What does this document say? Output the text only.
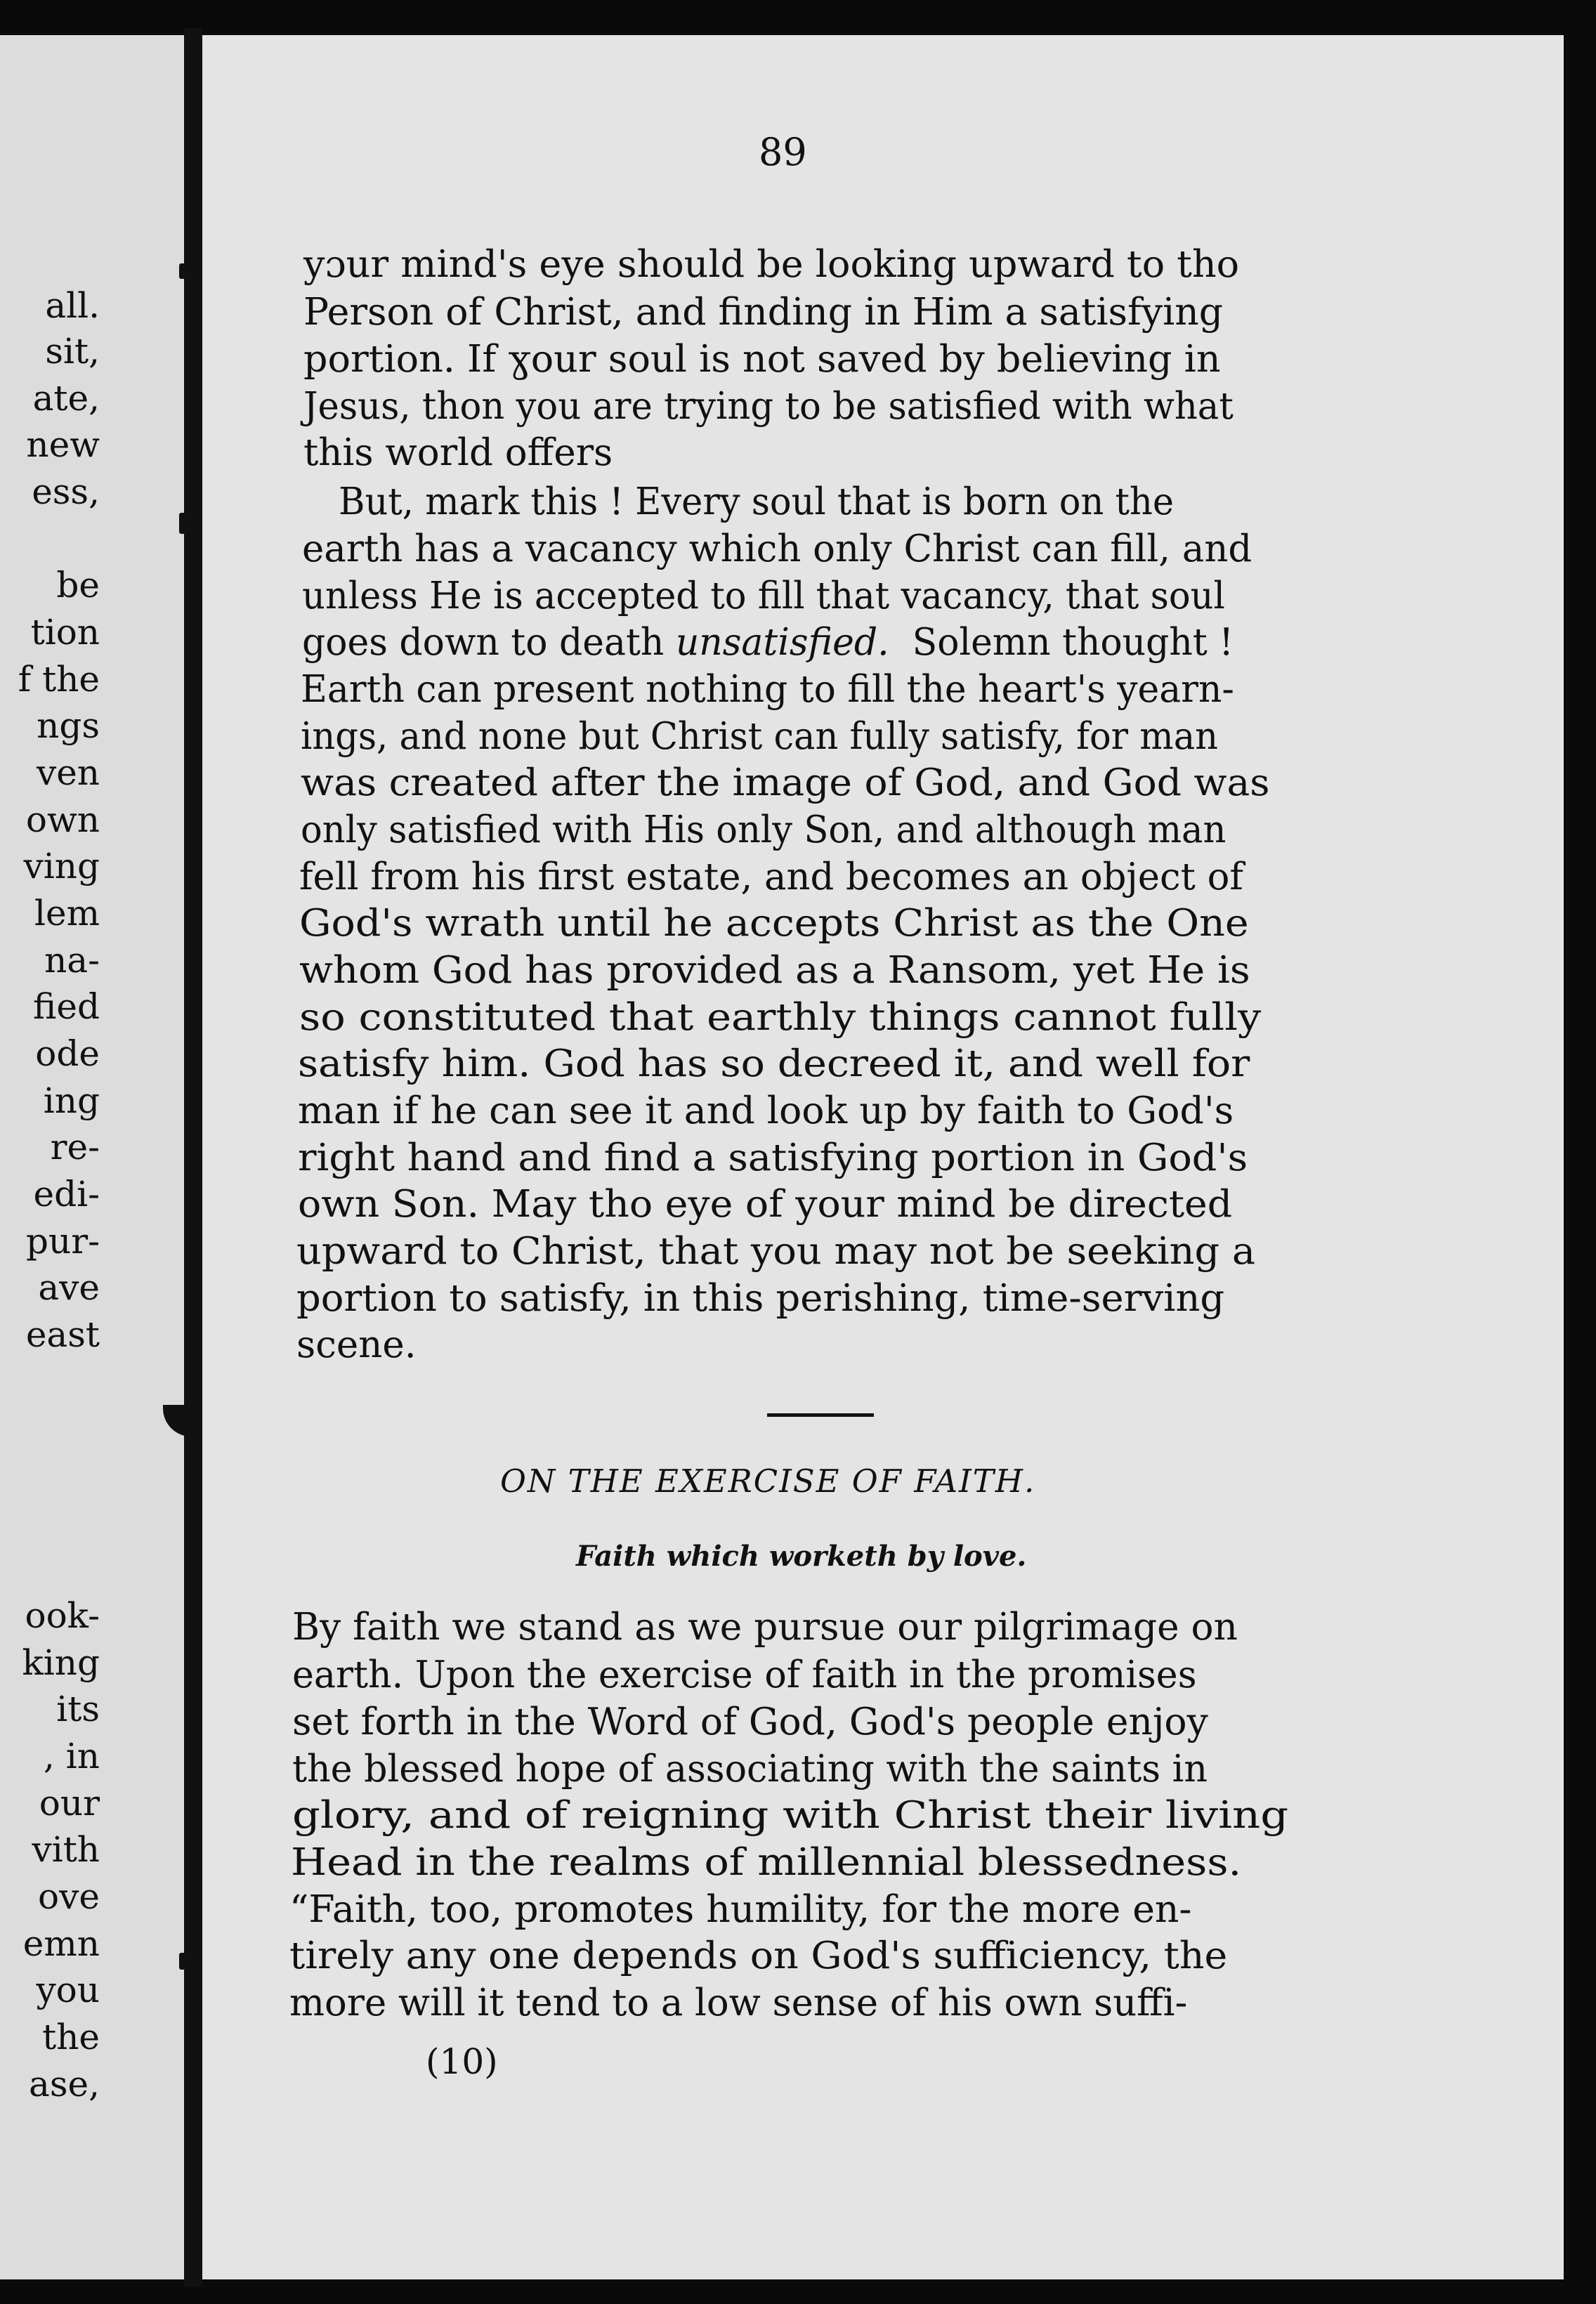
all.
sit,
ate,
new
ess,
be
tion
f the
ngs
ven
own
ving
lem
na-
fied
ode
ing
re-
edi-
pur-
ave
east
ook-
king
its
, in
our
vith
ove
emn
you
the
ase,

89
yɔur mind's eye should be looking upward to tho
Person of Christ, and finding in Him a satisfying
portion. If ɣour soul is not saved by believing in
Jesus, thon you are trying to be satisfied with what
this world offers
But, mark this ! Every soul that is born on the
earth has a vacancy which only Christ can fill, and
unless He is accepted to fill that vacancy, that soul
goes down to death unsatisfied. Solemn thought !
Earth can present nothing to fill the heart's yearn-
ings, and none but Christ can fully satisfy, for man
was created after the image of God, and God was
only satisfied with His only Son, and although man
fell from his first estate, and becomes an object of
God's wrath until he accepts Christ as the One
whom God has provided as a Ransom, yet He is
so constituted that earthly things cannot fully
satisfy him. God has so decreed it, and well for
man if he can see it and look up by faith to God's
right hand and find a satisfying portion in God's
own Son. May tho eye of your mind be directed
upward to Christ, that you may not be seeking a
portion to satisfy, in this perishing, time-serving
scene.
ON THE EXERCISE OF FAITH.
Faith which worketh by love.
By faith we stand as we pursue our pilgrimage on
earth. Upon the exercise of faith in the promises
set forth in the Word of God, God's people enjoy
the blessed hope of associating with the saints in
glory, and of reigning with Christ their living
Head in the realms of millennial blessedness.
“Faith, too, promotes humility, for the more en-
tirely any one depends on God's sufficiency, the
more will it tend to a low sense of his own suffi-
(10)
